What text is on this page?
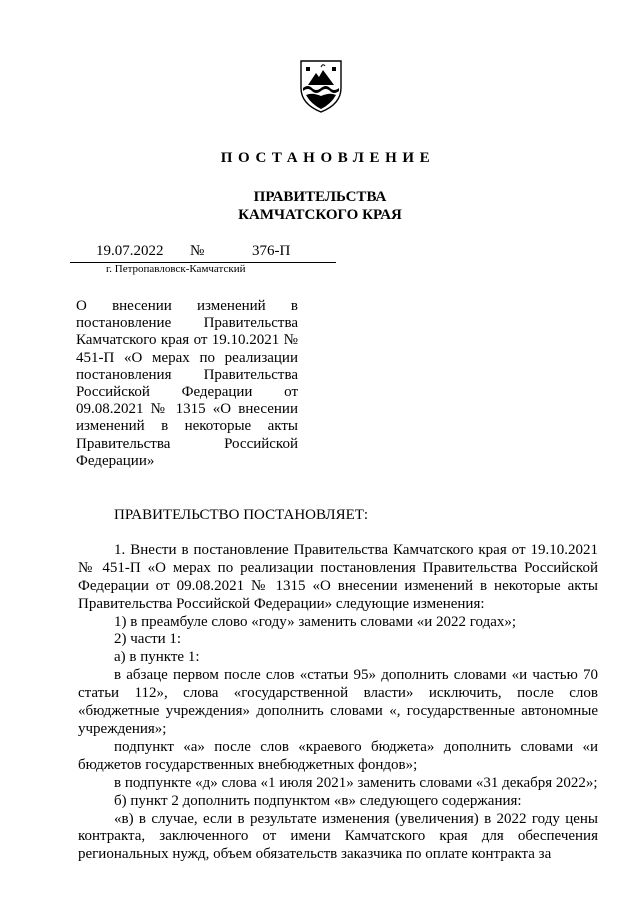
ПОСТАНОВЛЕНИЕ
ПРАВИТЕЛЬСТВА
КАМЧАТСКОГО КРАЯ
19.07.2022 №	376-П
г. Петропавловск-Камчатский
О внесении изменений в постановление Правительства Камчатского края от 19.10.2021 № 451-П «О мерах по реализации постановления Правительства Российской Федерации от 09.08.2021 № 1315 «О внесении изменений в некоторые акты Правительства Российской Федерации»

ПРАВИТЕЛЬСТВО ПОСТАНОВЛЯЕТ:

1. Внести в постановление Правительства Камчатского края от 19.10.2021 № 451-П «О мерах по реализации постановления Правительства Российской Федерации от 09.08.2021 № 1315 «О внесении изменений в некоторые акты Правительства Российской Федерации» следующие изменения:

1) в преамбуле слово «году» заменить словами «и 2022 годах»;

2) части 1:

а) в пункте 1:

в абзаце первом после слов «статьи 95» дополнить словами «и частью 70 статьи 112», слова «государственной власти» исключить, после слов «бюджетные учреждения» дополнить словами «, государственные автономные учреждения»;

подпункт «а» после слов «краевого бюджета» дополнить словами «и бюджетов государственных внебюджетных фондов»;

в подпункте «д» слова «1 июля 2021» заменить словами «31 декабря 2022»;

б) пункт 2 дополнить подпунктом «в» следующего содержания:

«в) в случае, если в результате изменения (увеличения) в 2022 году цены контракта, заключенного от имени Камчатского края для обеспечения региональных нужд, объем обязательств заказчика по оплате контракта за
